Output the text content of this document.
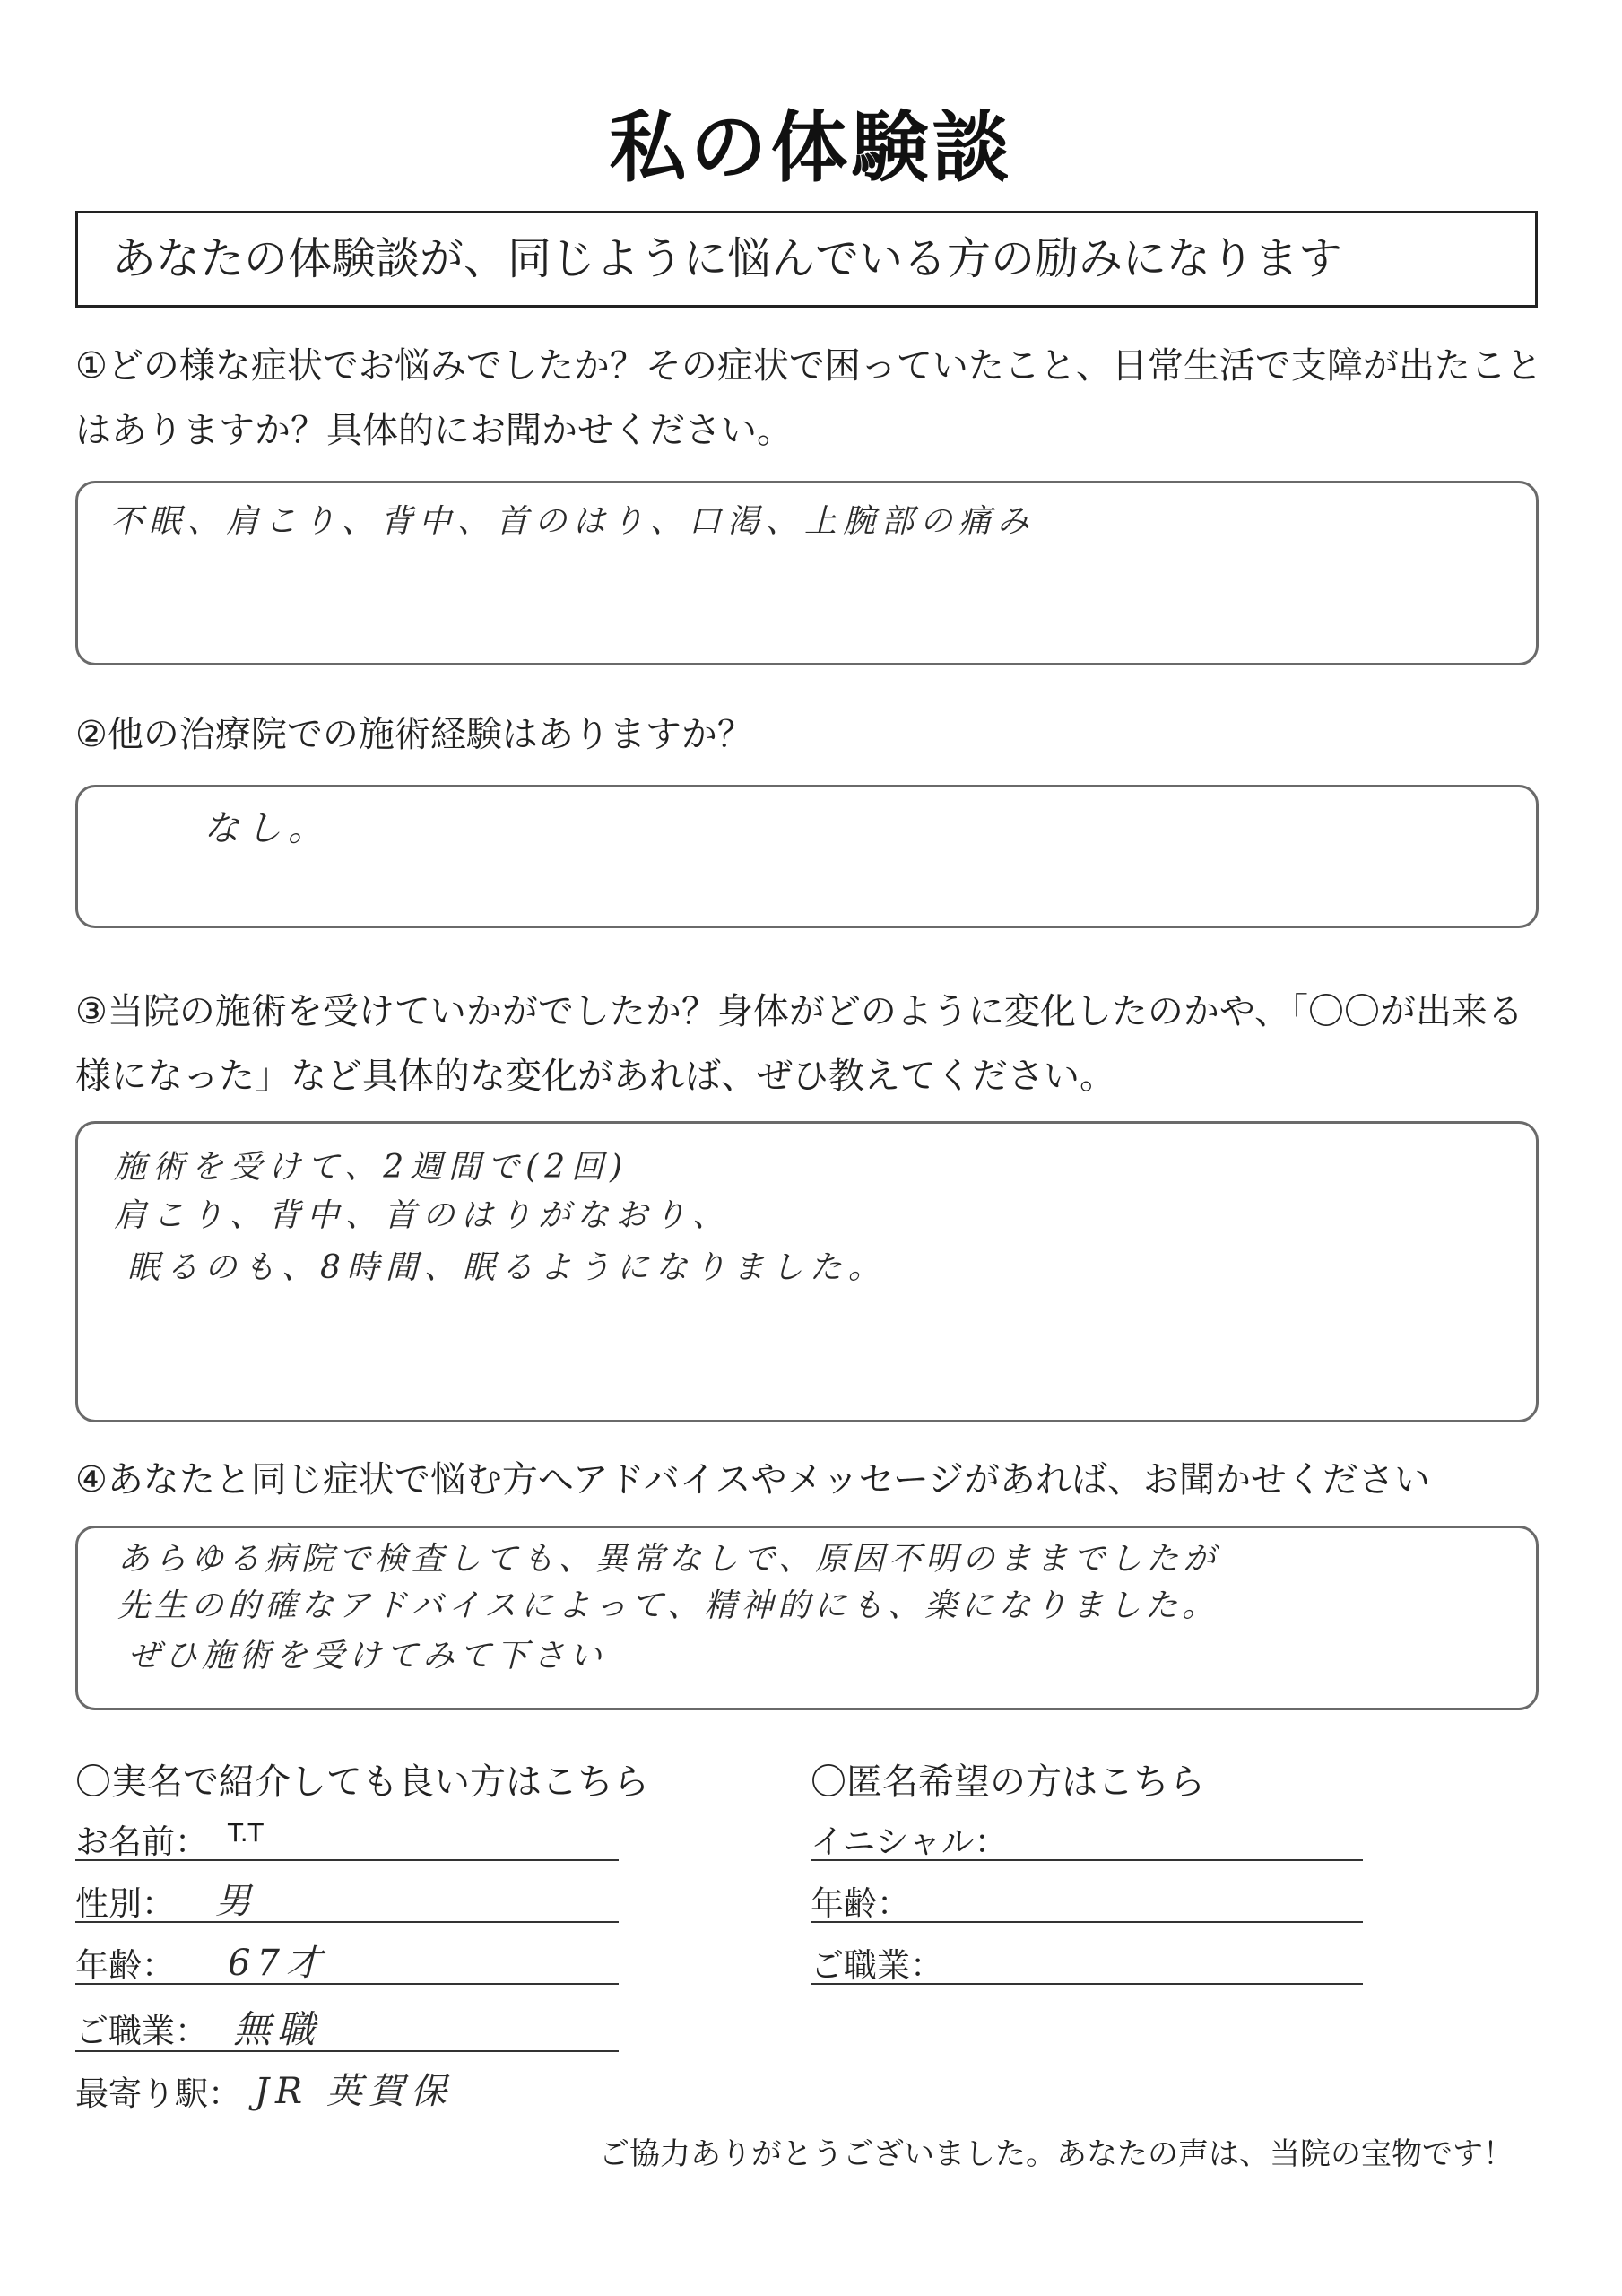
私の体験談
あなたの体験談が、同じように悩んでいる方の励みになります
①どの様な症状でお悩みでしたか？その症状で困っていたこと、日常生活で支障が出たこと
はありますか？具体的にお聞かせください。
不眠、肩こり、背中、首のはり、口渇、上腕部の痛み
②他の治療院での施術経験はありますか？
なし。
③当院の施術を受けていかがでしたか？身体がどのように変化したのかや、「〇〇が出来る
様になった」など具体的な変化があれば、ぜひ教えてください。
施術を受けて、2週間で(2回)
肩こり、背中、首のはりがなおり、
眠るのも、8時間、眠るようになりました。
④あなたと同じ症状で悩む方へアドバイスやメッセージがあれば、お聞かせください
あらゆる病院で検査しても、異常なしで、原因不明のままでしたが
先生の的確なアドバイスによって、精神的にも、楽になりました。
ぜひ施術を受けてみて下さい
〇実名で紹介しても良い方はこちら
お名前： T.T
性別： 男
年齢： 67才
ご職業： 無職
最寄り駅： JR 英賀保
〇匿名希望の方はこちら
イニシャル：
年齢：
ご職業：
ご協力ありがとうございました。あなたの声は、当院の宝物です！
